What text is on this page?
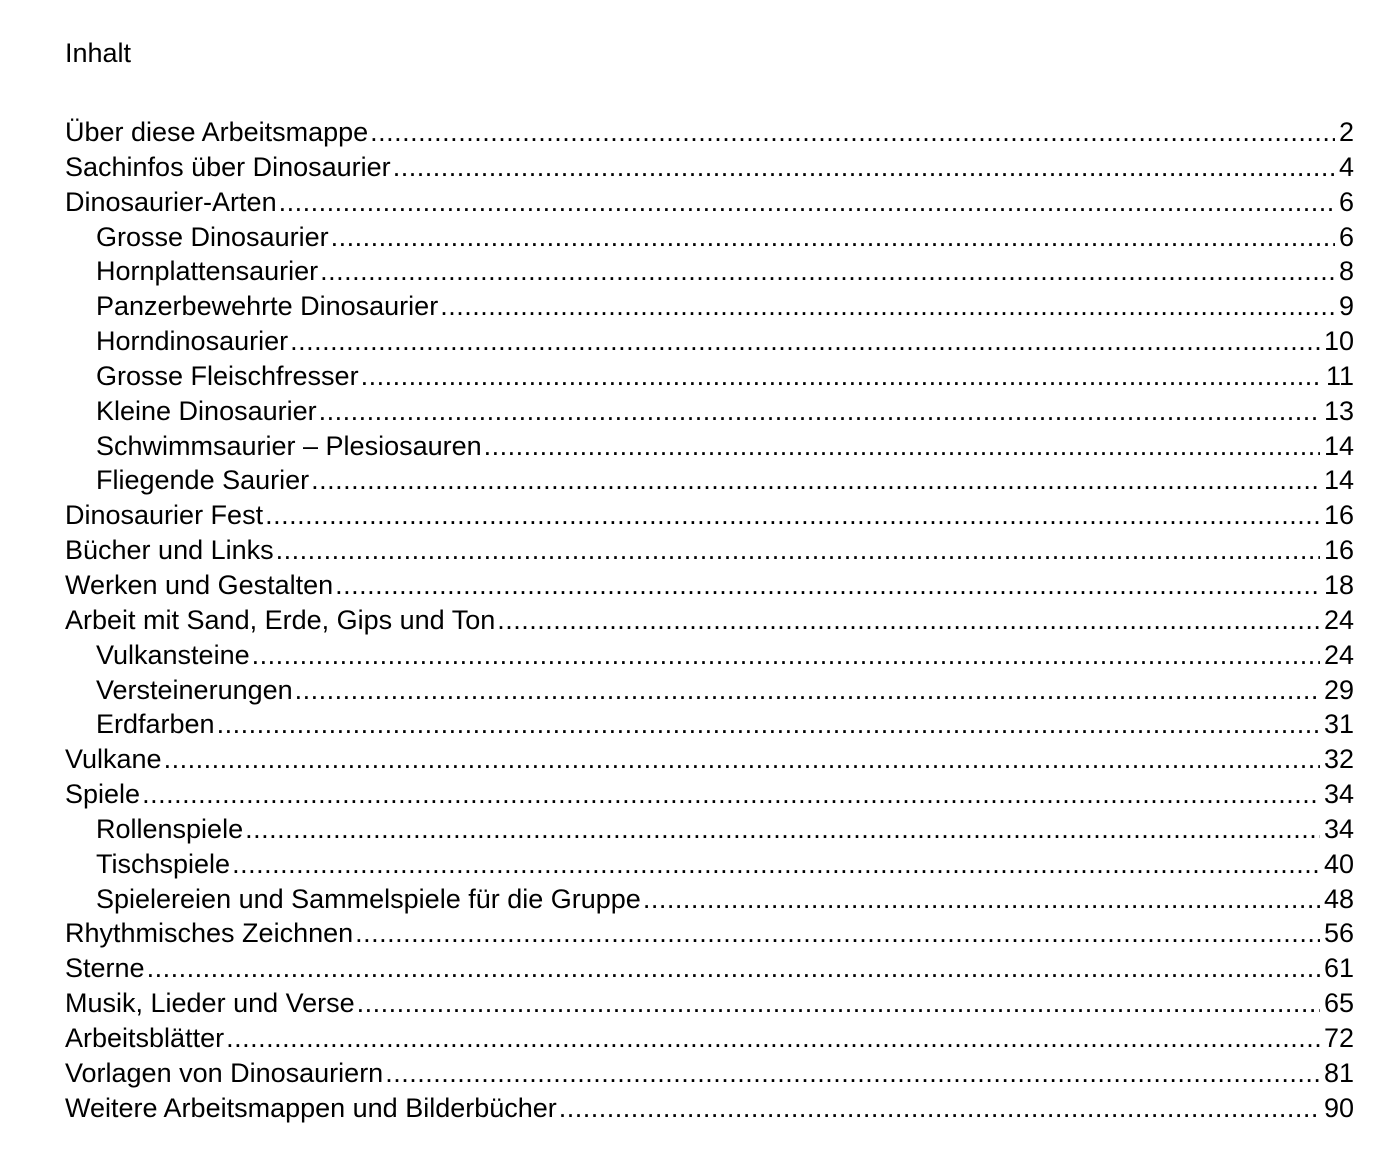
Inhalt
Über diese Arbeitsmappe .....	2
Sachinfos über Dinosaurier .....	4
Dinosaurier-Arten .....	6
Grosse Dinosaurier .....	6
Hornplattensaurier .....	8
Panzerbewehrte Dinosaurier .....	9
Horndinosaurier .....	10
Grosse Fleischfresser .....	11
Kleine Dinosaurier .....	13
Schwimmsaurier – Plesiosauren .....	14
Fliegende Saurier .....	14
Dinosaurier Fest .....	16
Bücher und Links .....	16
Werken und Gestalten .....	18
Arbeit mit Sand, Erde, Gips und Ton .....	24
Vulkansteine .....	24
Versteinerungen .....	29
Erdfarben .....	31
Vulkane .....	32
Spiele .....	34
Rollenspiele .....	34
Tischspiele .....	40
Spielereien und Sammelspiele für die Gruppe .....	48
Rhythmisches Zeichnen .....	56
Sterne .....	61
Musik, Lieder und Verse .....	65
Arbeitsblätter .....	72
Vorlagen von Dinosauriern .....	81
Weitere Arbeitsmappen und Bilderbücher .....	90
